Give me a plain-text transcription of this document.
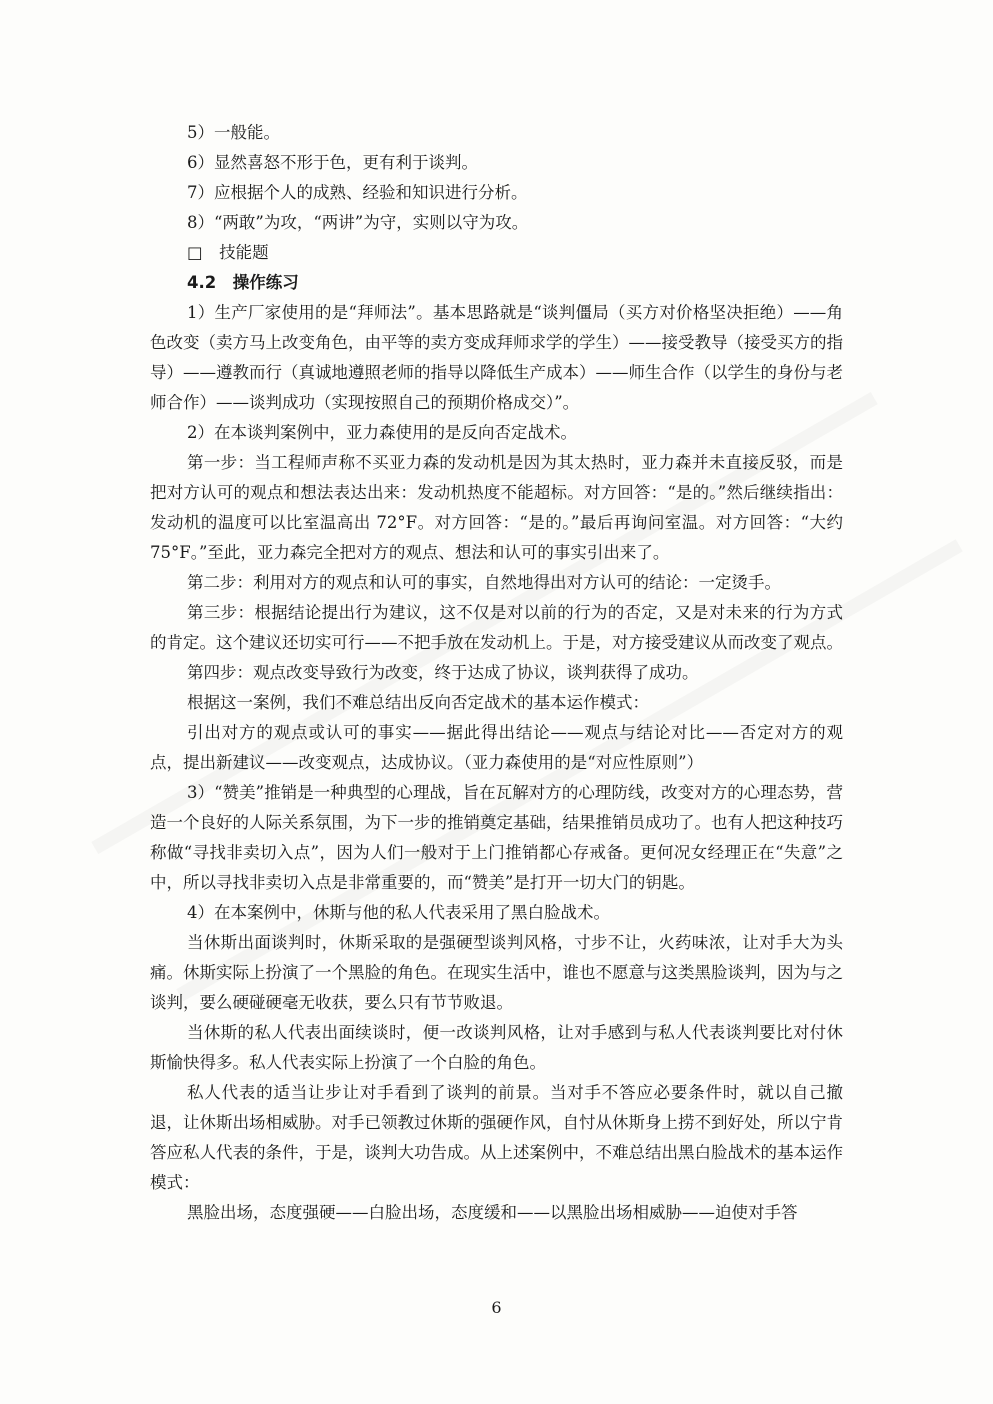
5）一般能。

6）显然喜怒不形于色，更有利于谈判。

7）应根据个人的成熟、经验和知识进行分析。

8）“两敢”为攻，“两讲”为守，实则以守为攻。

□　技能题

4.2　操作练习

1）生产厂家使用的是“拜师法”。基本思路就是“谈判僵局（买方对价格坚决拒绝）——角色改变（卖方马上改变角色，由平等的卖方变成拜师求学的学生）——接受教导（接受买方的指导）——遵教而行（真诚地遵照老师的指导以降低生产成本）——师生合作（以学生的身份与老师合作）——谈判成功（实现按照自己的预期价格成交）”。

2）在本谈判案例中，亚力森使用的是反向否定战术。

第一步：当工程师声称不买亚力森的发动机是因为其太热时，亚力森并未直接反驳，而是把对方认可的观点和想法表达出来：发动机热度不能超标。对方回答：“是的。”然后继续指出：发动机的温度可以比室温高出 72°F。对方回答：“是的。”最后再询问室温。对方回答：“大约 75°F。”至此，亚力森完全把对方的观点、想法和认可的事实引出来了。

第二步：利用对方的观点和认可的事实，自然地得出对方认可的结论：一定烫手。

第三步：根据结论提出行为建议，这不仅是对以前的行为的否定，又是对未来的行为方式的肯定。这个建议还切实可行——不把手放在发动机上。于是，对方接受建议从而改变了观点。

第四步：观点改变导致行为改变，终于达成了协议，谈判获得了成功。

根据这一案例，我们不难总结出反向否定战术的基本运作模式：

引出对方的观点或认可的事实——据此得出结论——观点与结论对比——否定对方的观点，提出新建议——改变观点，达成协议。（亚力森使用的是“对应性原则”）

3）“赞美”推销是一种典型的心理战，旨在瓦解对方的心理防线，改变对方的心理态势，营造一个良好的人际关系氛围，为下一步的推销奠定基础，结果推销员成功了。也有人把这种技巧称做“寻找非卖切入点”，因为人们一般对于上门推销都心存戒备。更何况女经理正在“失意”之中，所以寻找非卖切入点是非常重要的，而“赞美”是打开一切大门的钥匙。

4）在本案例中，休斯与他的私人代表采用了黑白脸战术。

当休斯出面谈判时，休斯采取的是强硬型谈判风格，寸步不让，火药味浓，让对手大为头痛。休斯实际上扮演了一个黑脸的角色。在现实生活中，谁也不愿意与这类黑脸谈判，因为与之谈判，要么硬碰硬毫无收获，要么只有节节败退。

当休斯的私人代表出面续谈时，便一改谈判风格，让对手感到与私人代表谈判要比对付休斯愉快得多。私人代表实际上扮演了一个白脸的角色。

私人代表的适当让步让对手看到了谈判的前景。当对手不答应必要条件时，就以自己撤退，让休斯出场相威胁。对手已领教过休斯的强硬作风，自忖从休斯身上捞不到好处，所以宁肯答应私人代表的条件，于是，谈判大功告成。从上述案例中，不难总结出黑白脸战术的基本运作模式：

黑脸出场，态度强硬——白脸出场，态度缓和——以黑脸出场相威胁——迫使对手答

6
